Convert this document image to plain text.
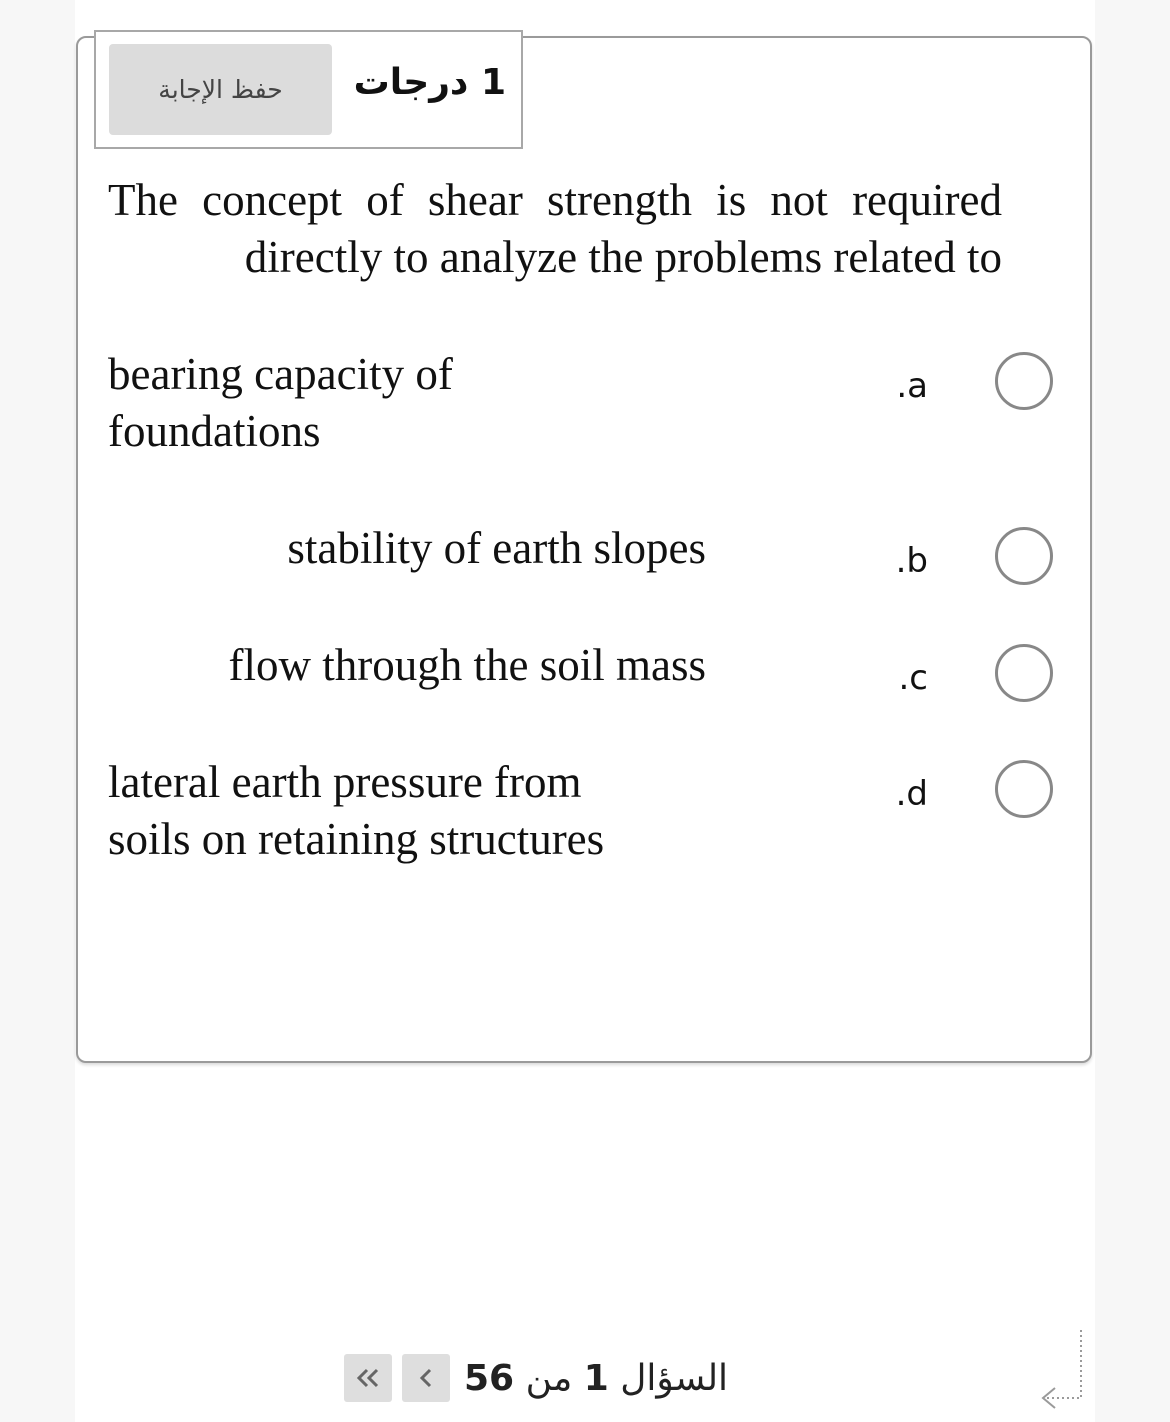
حفظ الإجابة	1 درجات
The concept of shear strength is not required directly to analyze the problems related to
bearing capacity of
foundations
.a
stability of earth slopes	.b
flow through the soil mass	.c
lateral earth pressure from
soils on retaining structures
.d
السؤال 1 من 56
